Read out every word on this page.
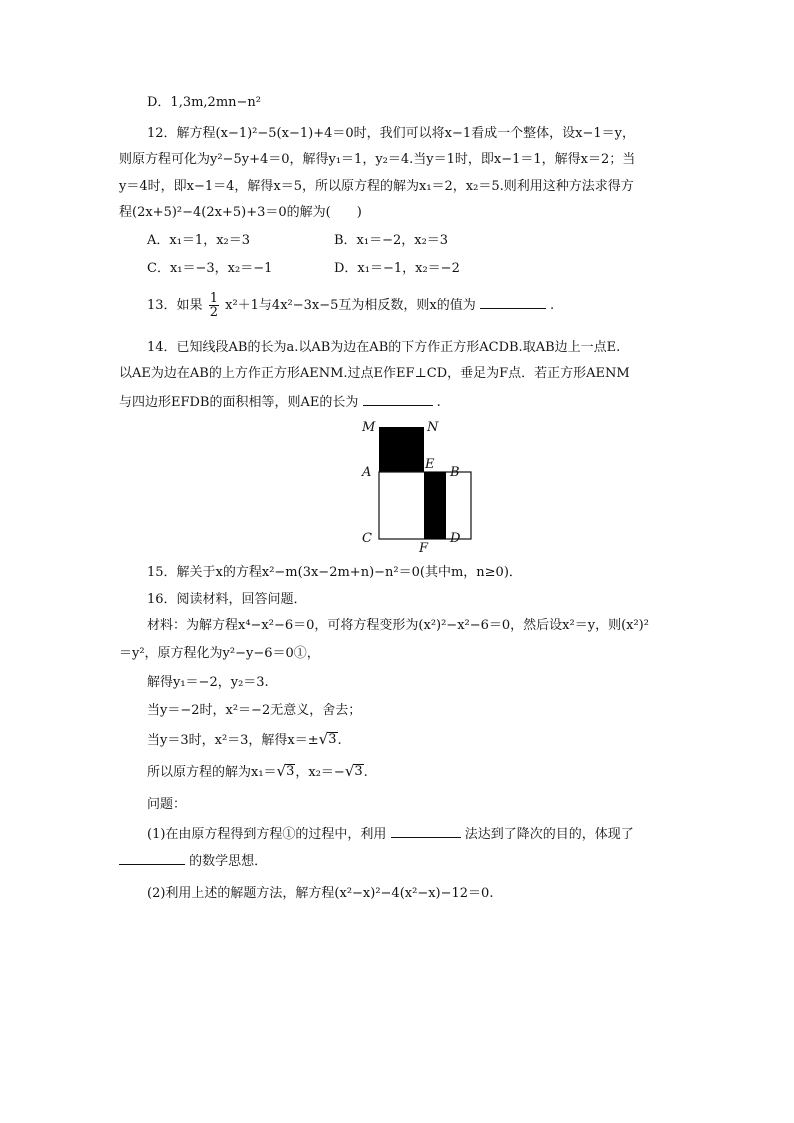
D．1,3m,2mn−n²
12．解方程(x−1)²−5(x−1)+4＝0时，我们可以将x−1看成一个整体，设x−1＝y，
则原方程可化为y²−5y+4＝0，解得y₁＝1，y₂＝4.当y＝1时，即x−1＝1，解得x＝2；当
y＝4时，即x−1＝4，解得x＝5，所以原方程的解为x₁＝2，x₂＝5.则利用这种方法求得方
程(2x+5)²−4(2x+5)+3＝0的解为(　　)
A．x₁＝1，x₂＝3	B．x₁＝−2，x₂＝3
C．x₁＝−3，x₂＝−1	D．x₁＝−1，x₂＝−2
13．如果 $\frac{1}{2} x^2+1$与4x²−3x−5互为相反数，则x的值为	.
14．已知线段AB的长为a.以AB为边在AB的下方作正方形ACDB.取AB边上一点E.
以AE为边在AB的上方作正方形AENM.过点E作EF⊥CD，垂足为F点．若正方形AENM
与四边形EFDB的面积相等，则AE的长为	.
M	N
A
E
B
C
F
D
15．解关于x的方程x²−m(3x−2m+n)−n²＝0(其中m，n≥0)．
16．阅读材料，回答问题．
材料：为解方程x⁴−x²−6＝0，可将方程变形为(x²)²−x²−6＝0，然后设x²＝y，则(x²)²
＝y²，原方程化为y²−y−6＝0①，
解得y₁＝−2，y₂＝3.
当y＝−2时，x²＝−2无意义，舍去；
当y＝3时，x²＝3，解得x＝± √ 3 .
所以原方程的解为x₁＝ √ 3 ，x₂＝− √ 3 .
问题：
(1)在由原方程得到方程①的过程中，利用	法达到了降次的目的，体现了
的数学思想．
(2)利用上述的解题方法，解方程(x²−x)²−4(x²−x)−12＝0.
